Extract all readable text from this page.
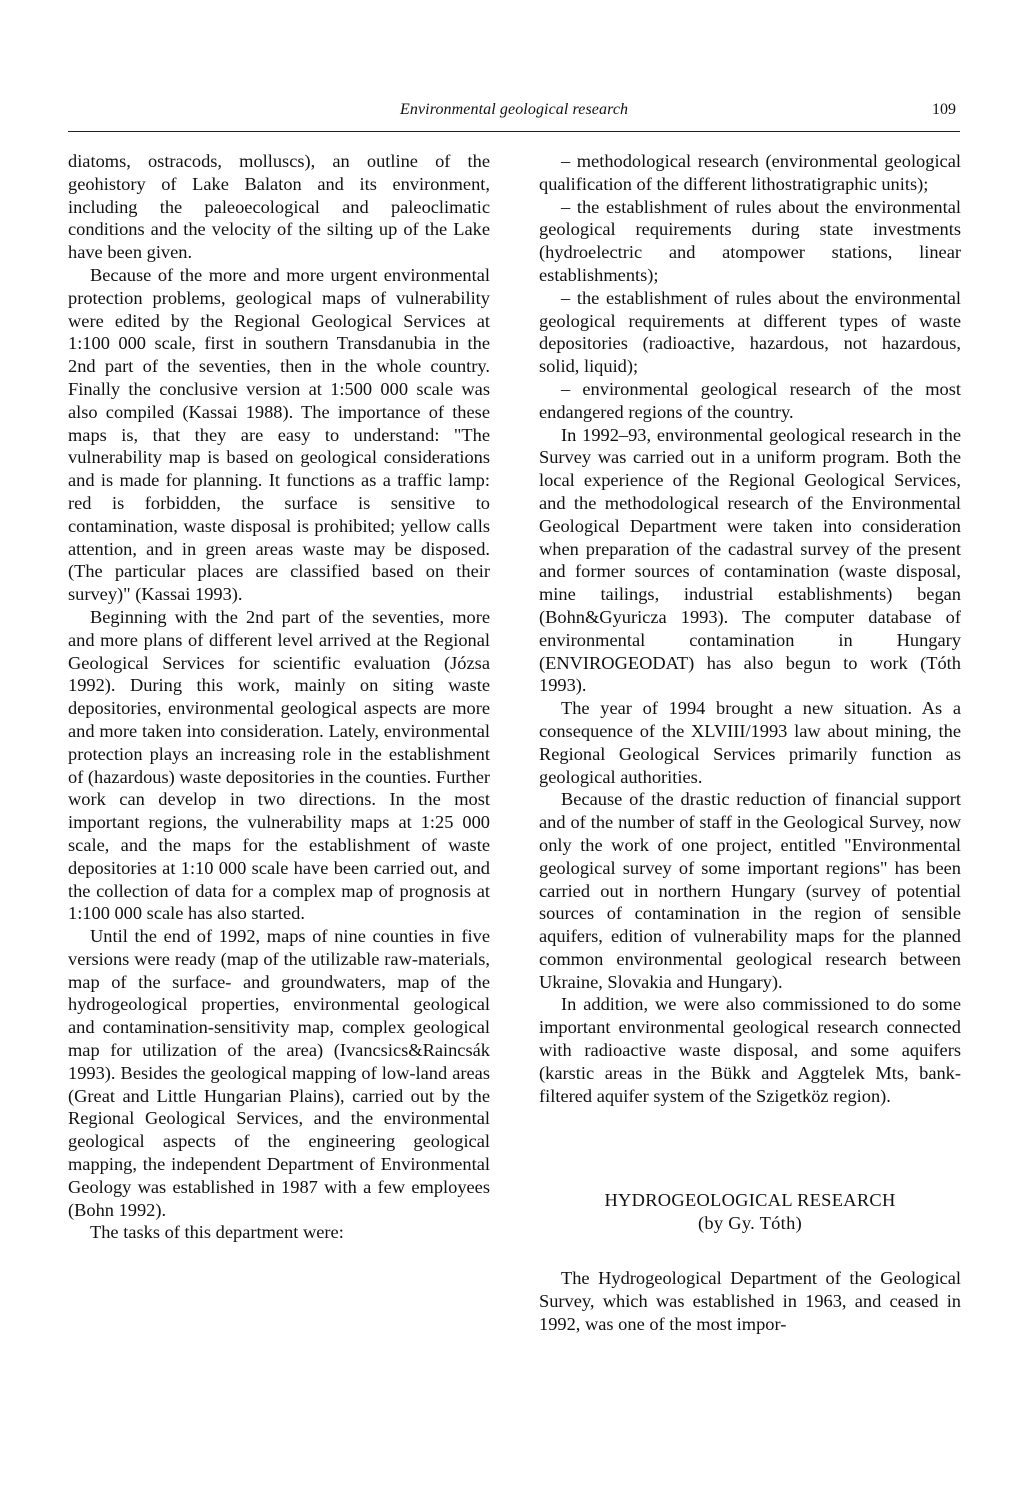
Environmental geological research	109

diatoms, ostracods, molluscs), an outline of the geohistory of Lake Balaton and its environment, including the paleoecological and paleoclimatic conditions and the velocity of the silting up of the Lake have been given.

Because of the more and more urgent environmental protection problems, geological maps of vulnerability were edited by the Regional Geological Services at 1:100 000 scale, first in southern Transdanubia in the 2nd part of the seventies, then in the whole country. Finally the conclusive version at 1:500 000 scale was also compiled (Kassai 1988). The importance of these maps is, that they are easy to understand: "The vulnerability map is based on geological considerations and is made for planning. It functions as a traffic lamp: red is forbidden, the surface is sensitive to contamination, waste disposal is prohibited; yellow calls attention, and in green areas waste may be disposed. (The particular places are classified based on their survey)" (Kassai 1993).

Beginning with the 2nd part of the seventies, more and more plans of different level arrived at the Regional Geological Services for scientific evaluation (Józsa 1992). During this work, mainly on siting waste depositories, environmental geological aspects are more and more taken into consideration. Lately, environmental protection plays an increasing role in the establishment of (hazardous) waste depositories in the counties. Further work can develop in two directions. In the most important regions, the vulnerability maps at 1:25 000 scale, and the maps for the establishment of waste depositories at 1:10 000 scale have been carried out, and the collection of data for a complex map of prognosis at 1:100 000 scale has also started.

Until the end of 1992, maps of nine counties in five versions were ready (map of the utilizable raw-materials, map of the surface- and groundwaters, map of the hydrogeological properties, environmental geological and contamination-sensitivity map, complex geological map for utilization of the area) (Ivancsics&Raincsák 1993). Besides the geological mapping of low-land areas (Great and Little Hungarian Plains), carried out by the Regional Geological Services, and the environmental geological aspects of the engineering geological mapping, the independent Department of Environmental Geology was established in 1987 with a few employees (Bohn 1992).

The tasks of this department were:

– methodological research (environmental geological qualification of the different lithostratigraphic units);

– the establishment of rules about the environmental geological requirements during state investments (hydroelectric and atompower stations, linear establishments);

– the establishment of rules about the environmental geological requirements at different types of waste depositories (radioactive, hazardous, not hazardous, solid, liquid);

– environmental geological research of the most endangered regions of the country.

In 1992–93, environmental geological research in the Survey was carried out in a uniform program. Both the local experience of the Regional Geological Services, and the methodological research of the Environmental Geological Department were taken into consideration when preparation of the cadastral survey of the present and former sources of contamination (waste disposal, mine tailings, industrial establishments) began (Bohn&Gyuricza 1993). The computer database of environmental contamination in Hungary (ENVIROGEODAT) has also begun to work (Tóth 1993).

The year of 1994 brought a new situation. As a consequence of the XLVIII/1993 law about mining, the Regional Geological Services primarily function as geological authorities.

Because of the drastic reduction of financial support and of the number of staff in the Geological Survey, now only the work of one project, entitled "Environmental geological survey of some important regions" has been carried out in northern Hungary (survey of potential sources of contamination in the region of sensible aquifers, edition of vulnerability maps for the planned common environmental geological research between Ukraine, Slovakia and Hungary).

In addition, we were also commissioned to do some important environmental geological research connected with radioactive waste disposal, and some aquifers (karstic areas in the Bükk and Aggtelek Mts, bank-filtered aquifer system of the Szigetköz region).

HYDROGEOLOGICAL RESEARCH
(by Gy. Tóth)

The Hydrogeological Department of the Geological Survey, which was established in 1963, and ceased in 1992, was one of the most impor-
